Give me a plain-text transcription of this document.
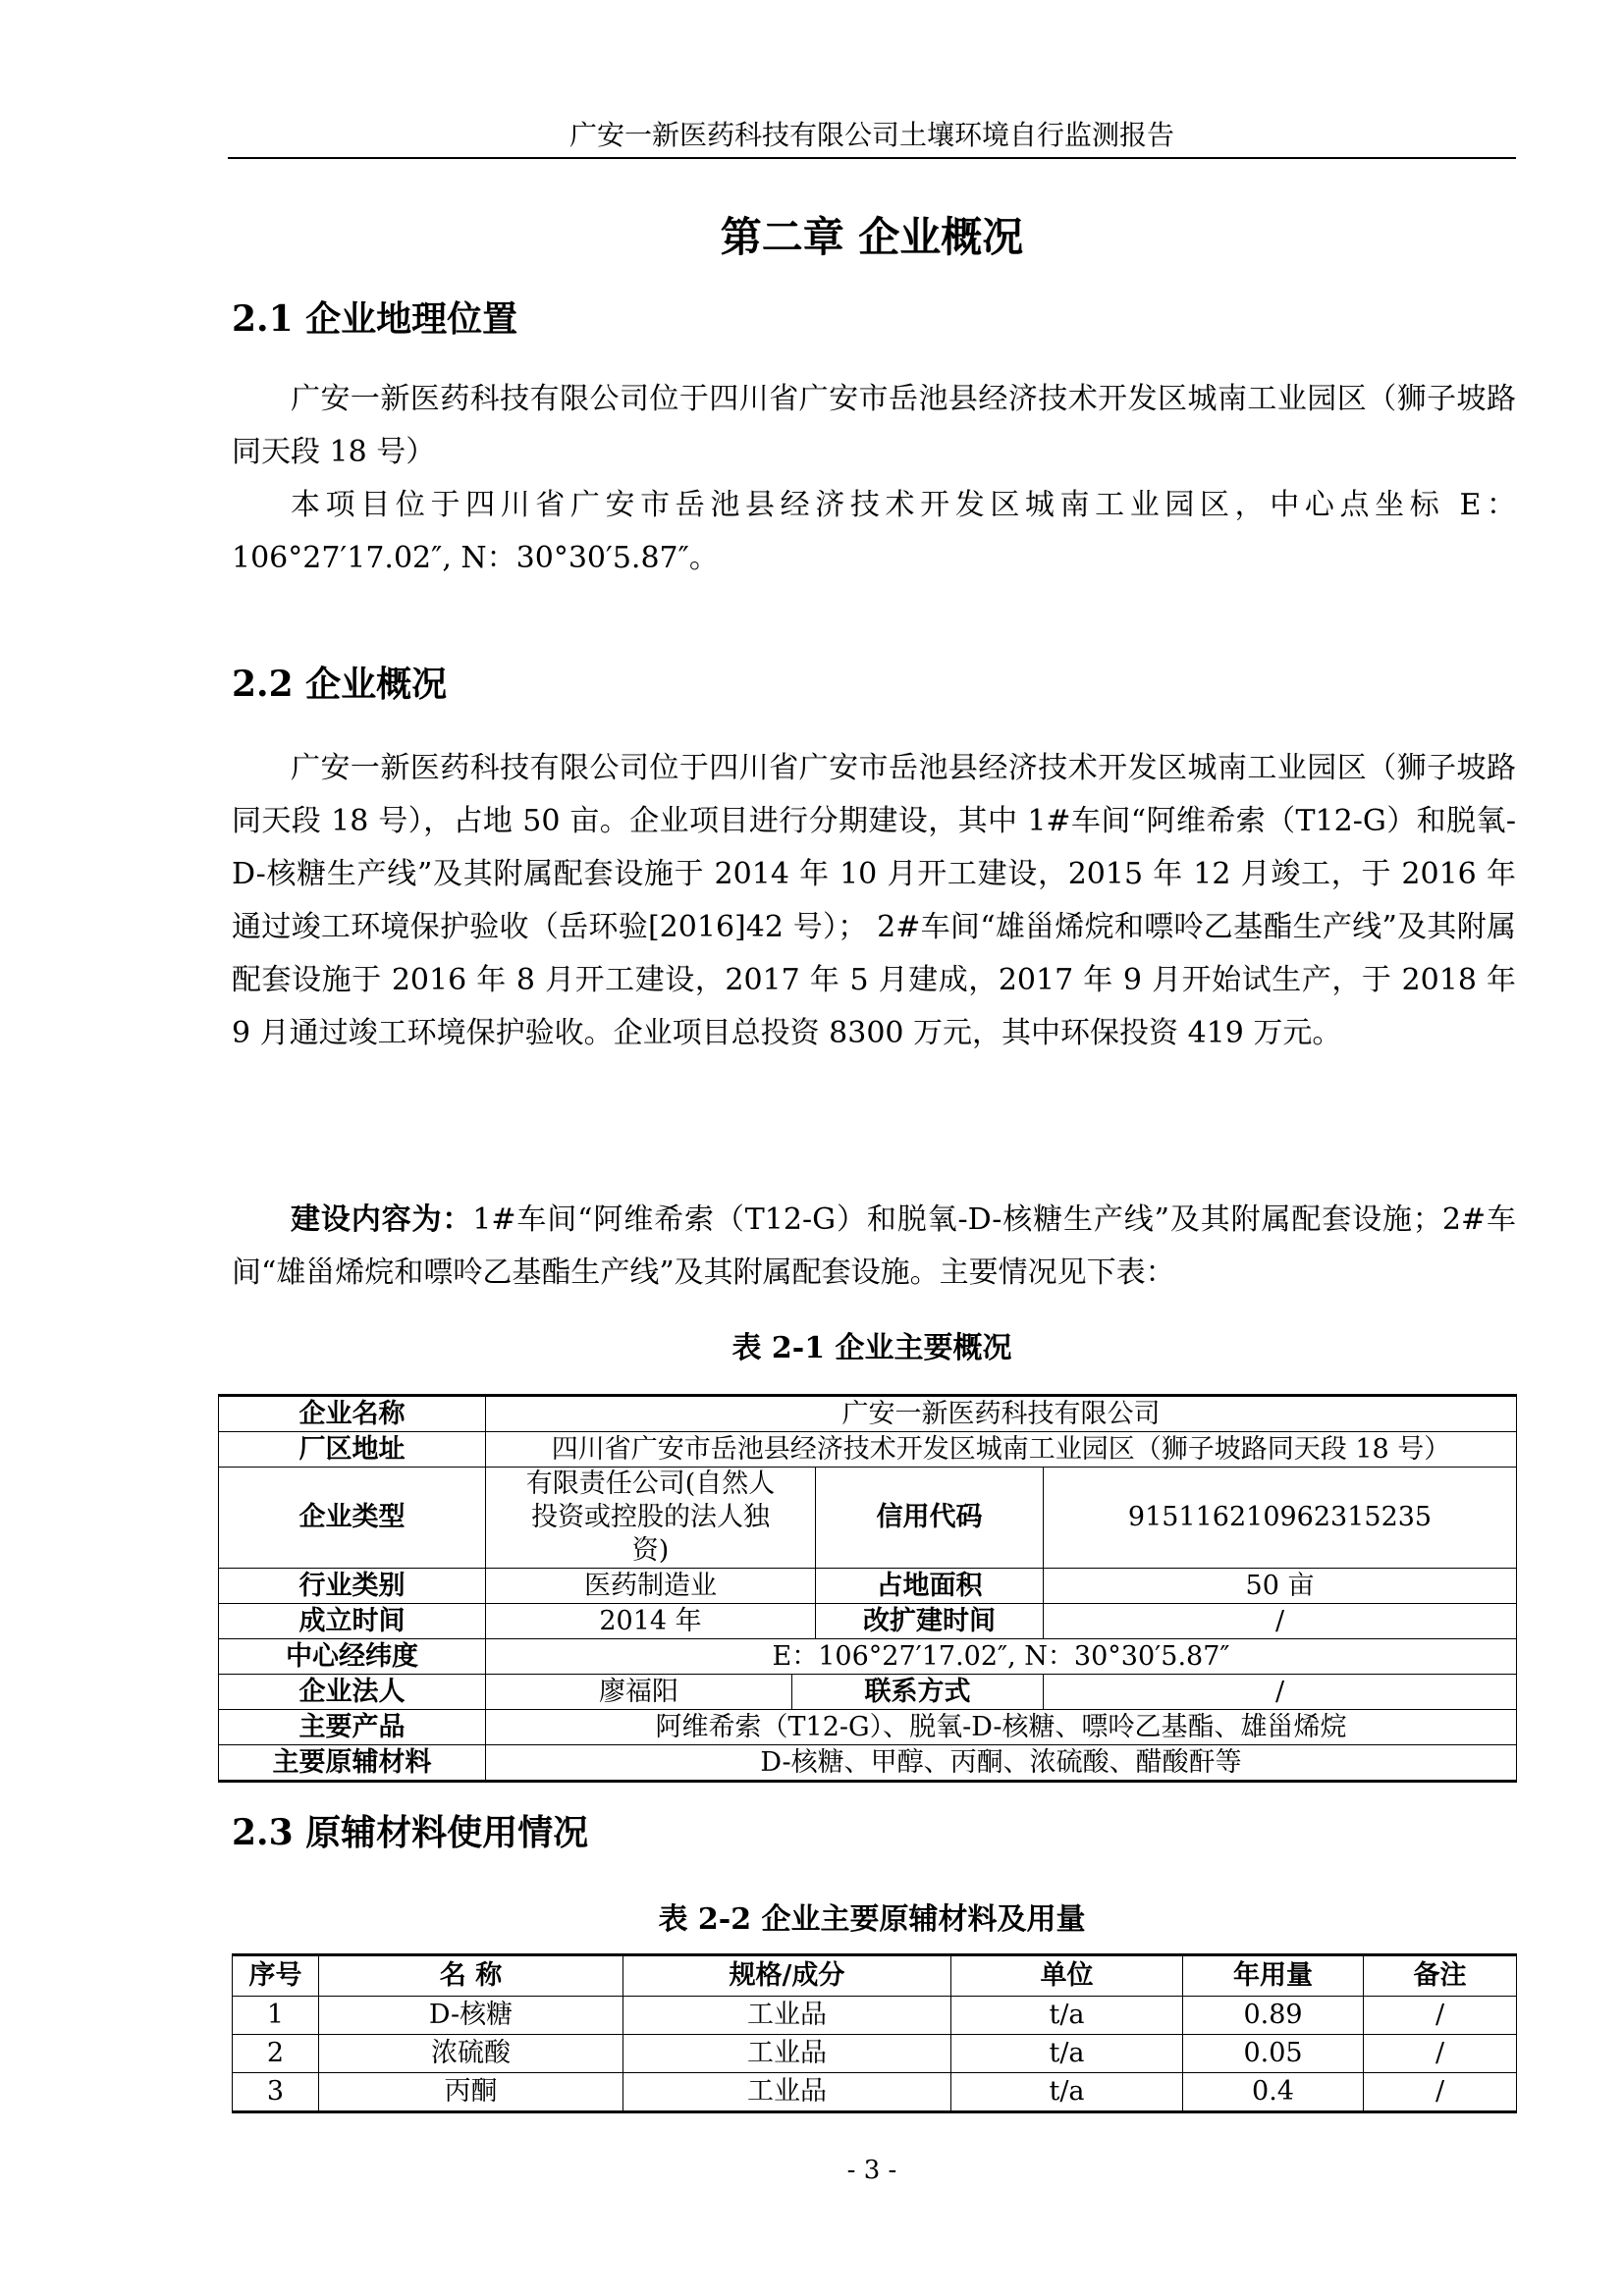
广安一新医药科技有限公司土壤环境自行监测报告
第二章 企业概况
2.1 企业地理位置

广安一新医药科技有限公司位于四川省广安市岳池县经济技术开发区城南工业园区（狮子坡路同天段 18 号）

本项目位于四川省广安市岳池县经济技术开发区城南工业园区，中心点坐标 E：106°27′17.02″, N：30°30′5.87″。

2.2 企业概况

广安一新医药科技有限公司位于四川省广安市岳池县经济技术开发区城南工业园区（狮子坡路同天段 18 号），占地 50 亩。企业项目进行分期建设，其中 1#车间“阿维希索（T12-G）和脱氧-D-核糖生产线”及其附属配套设施于 2014 年 10 月开工建设，2015 年 12 月竣工，于 2016 年通过竣工环境保护验收（岳环验[2016]42 号）； 2#车间“雄甾烯烷和嘌呤乙基酯生产线”及其附属配套设施于 2016 年 8 月开工建设，2017 年 5 月建成，2017 年 9 月开始试生产，于 2018 年 9 月通过竣工环境保护验收。企业项目总投资 8300 万元，其中环保投资 419 万元。

建设内容为：1#车间“阿维希索（T12-G）和脱氧-D-核糖生产线”及其附属配套设施；2#车间“雄甾烯烷和嘌呤乙基酯生产线”及其附属配套设施。主要情况见下表：

表 2-1 企业主要概况
企业名称	广安一新医药科技有限公司			
厂区地址	四川省广安市岳池县经济技术开发区城南工业园区（狮子坡路同天段 18 号）			
企业类型	有限责任公司(自然人投资或控股的法人独资)		信用代码	915116210962315235
行业类别	医药制造业		占地面积	50 亩
成立时间	2014 年		改扩建时间	/
中心经纬度	E：106°27′17.02″, N：30°30′5.87″			
企业法人	廖福阳	联系方式		/
主要产品	阿维希索（T12-G）、脱氧-D-核糖、嘌呤乙基酯、雄甾烯烷			
主要原辅材料	D-核糖、甲醇、丙酮、浓硫酸、醋酸酐等			
2.3 原辅材料使用情况
表 2-2 企业主要原辅材料及用量
序号	名 称	规格/成分	单位	年用量	备注
1	D-核糖	工业品	t/a	0.89	/
2	浓硫酸	工业品	t/a	0.05	/
3	丙酮	工业品	t/a	0.4	/
- 3 -
